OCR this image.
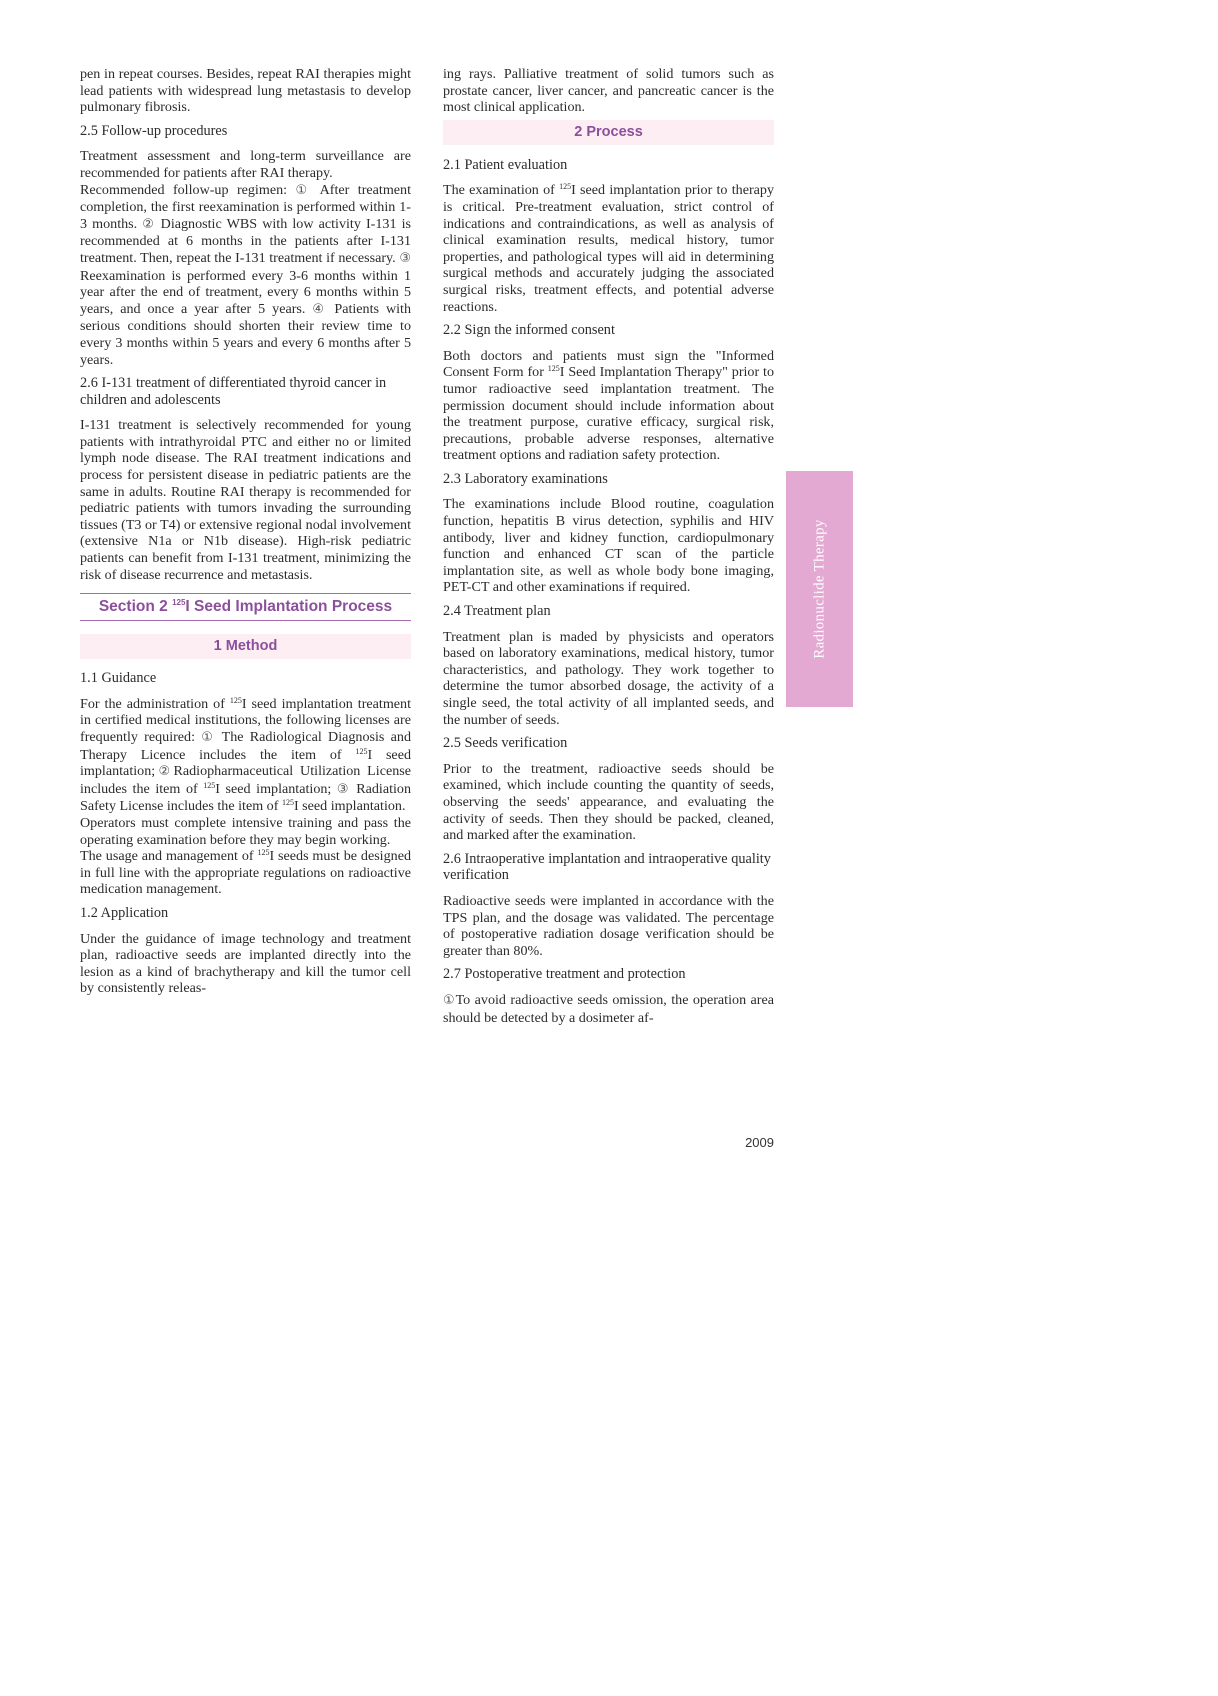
pen in repeat courses. Besides, repeat RAI therapies might lead patients with widespread lung metastasis to develop pulmonary fibrosis.

2.5 Follow-up procedures

Treatment assessment and long-term surveillance are recommended for patients after RAI therapy.

Recommended follow-up regimen: ① After treatment completion, the first reexamination is performed within 1-3 months. ② Diagnostic WBS with low activity I-131 is recommended at 6 months in the patients after I-131 treatment. Then, repeat the I-131 treatment if necessary. ③ Reexamination is performed every 3-6 months within 1 year after the end of treatment, every 6 months within 5 years, and once a year after 5 years. ④ Patients with serious conditions should shorten their review time to every 3 months within 5 years and every 6 months after 5 years.

2.6 I-131 treatment of differentiated thyroid cancer in children and adolescents

I-131 treatment is selectively recommended for young patients with intrathyroidal PTC and either no or limited lymph node disease. The RAI treatment indications and process for persistent disease in pediatric patients are the same in adults. Routine RAI therapy is recommended for pediatric patients with tumors invading the surrounding tissues (T3 or T4) or extensive regional nodal involvement (extensive N1a or N1b disease). High-risk pediatric patients can benefit from I-131 treatment, minimizing the risk of disease recurrence and metastasis.

Section 2 $^{125}$I Seed Implantation Process
1 Method
1.1 Guidance

For the administration of $^{125}$I seed implantation treatment in certified medical institutions, the following licenses are frequently required: ① The Radiological Diagnosis and Therapy Licence includes the item of $^{125}$I seed implantation;②Radiopharmaceutical Utilization License includes the item of $^{125}$I seed implantation; ③ Radiation Safety License includes the item of $^{125}$I seed implantation.

Operators must complete intensive training and pass the operating examination before they may begin working.

The usage and management of $^{125}$I seeds must be designed in full line with the appropriate regulations on radioactive medication management.

1.2 Application

Under the guidance of image technology and treatment plan, radioactive seeds are implanted directly into the lesion as a kind of brachytherapy and kill the tumor cell by consistently releas-

ing rays. Palliative treatment of solid tumors such as prostate cancer, liver cancer, and pancreatic cancer is the most clinical application.

2 Process
2.1 Patient evaluation

The examination of $^{125}$I seed implantation prior to therapy is critical. Pre-treatment evaluation, strict control of indications and contraindications, as well as analysis of clinical examination results, medical history, tumor properties, and pathological types will aid in determining surgical methods and accurately judging the associated surgical risks, treatment effects, and potential adverse reactions.

2.2 Sign the informed consent

Both doctors and patients must sign the "Informed Consent Form for $^{125}$I Seed Implantation Therapy" prior to tumor radioactive seed implantation treatment. The permission document should include information about the treatment purpose, curative efficacy, surgical risk, precautions, probable adverse responses, alternative treatment options and radiation safety protection.

2.3 Laboratory examinations

The examinations include Blood routine, coagulation function, hepatitis B virus detection, syphilis and HIV antibody, liver and kidney function, cardiopulmonary function and enhanced CT scan of the particle implantation site, as well as whole body bone imaging, PET-CT and other examinations if required.

2.4 Treatment plan

Treatment plan is maded by physicists and operators based on laboratory examinations, medical history, tumor characteristics, and pathology. They work together to determine the tumor absorbed dosage, the activity of a single seed, the total activity of all implanted seeds, and the number of seeds.

2.5 Seeds verification

Prior to the treatment, radioactive seeds should be examined, which include counting the quantity of seeds, observing the seeds' appearance, and evaluating the activity of seeds. Then they should be packed, cleaned, and marked after the examination.

2.6 Intraoperative implantation and intraoperative quality verification

Radioactive seeds were implanted in accordance with the TPS plan, and the dosage was validated. The percentage of postoperative radiation dosage verification should be greater than 80%.

2.7 Postoperative treatment and protection

①To avoid radioactive seeds omission, the operation area should be detected by a dosimeter af-

Radionuclide Therapy
2009
